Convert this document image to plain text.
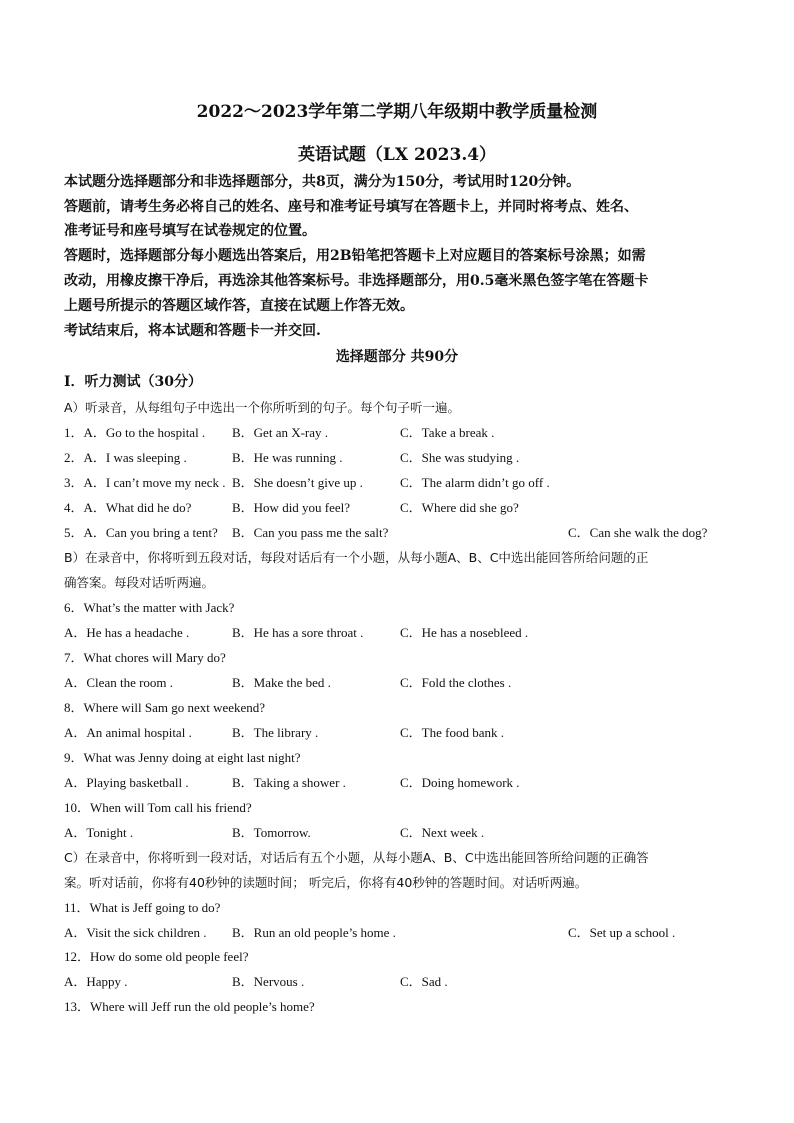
2022～2023学年第二学期八年级期中教学质量检测
英语试题（LX 2023.4）
本试题分选择题部分和非选择题部分，共8页，满分为150分，考试用时120分钟。
答题前，请考生务必将自己的姓名、座号和准考证号填写在答题卡上，并同时将考点、姓名、
准考证号和座号填写在试卷规定的位置。
答题时，选择题部分每小题选出答案后，用2B铅笔把答题卡上对应题目的答案标号涂黑；如需
改动，用橡皮擦干净后，再选涂其他答案标号。非选择题部分，用0.5毫米黑色签字笔在答题卡
上题号所提示的答题区域作答，直接在试题上作答无效。
考试结束后，将本试题和答题卡一并交回.
选择题部分 共90分
Ⅰ．听力测试（30分）
A）听录音，从每组句子中选出一个你所听到的句子。每个句子听一遍。
1．A．Go to the hospital . B．Get an X-ray .	C．Take a break .
2．A．I was sleeping .	B．He was running .	C．She was studying .
3．A．I can’t move my neck . B．She doesn’t give up .	C．The alarm didn’t go off .
4．A．What did he do?	B．How did you feel?	C．Where did she go?
5．A．Can you bring a tent? B．Can you pass me the salt?	C．Can she walk the dog?
B）在录音中，你将听到五段对话，每段对话后有一个小题，从每小题A、B、C中选出能回答所给问题的正
确答案。每段对话听两遍。
6．What’s the matter with Jack?
A．He has a headache .	B．He has a sore throat .	C．He has a nosebleed .
7．What chores will Mary do?
A．Clean the room .	B．Make the bed .	C．Fold the clothes .
8．Where will Sam go next weekend?
A．An animal hospital .	B．The library .	C．The food bank .
9．What was Jenny doing at eight last night?
A．Playing basketball .	B．Taking a shower .	C．Doing homework .
10．When will Tom call his friend?
A．Tonight .	B．Tomorrow.	C．Next week .
C）在录音中，你将听到一段对话，对话后有五个小题，从每小题A、B、C中选出能回答所给问题的正确答
案。听对话前，你将有40秒钟的读题时间； 听完后，你将有40秒钟的答题时间。对话听两遍。
11．What is Jeff going to do?
A．Visit the sick children . B．Run an old people’s home .	C．Set up a school .
12．How do some old people feel?
A．Happy .	B．Nervous .	C．Sad .
13．Where will Jeff run the old people’s home?
